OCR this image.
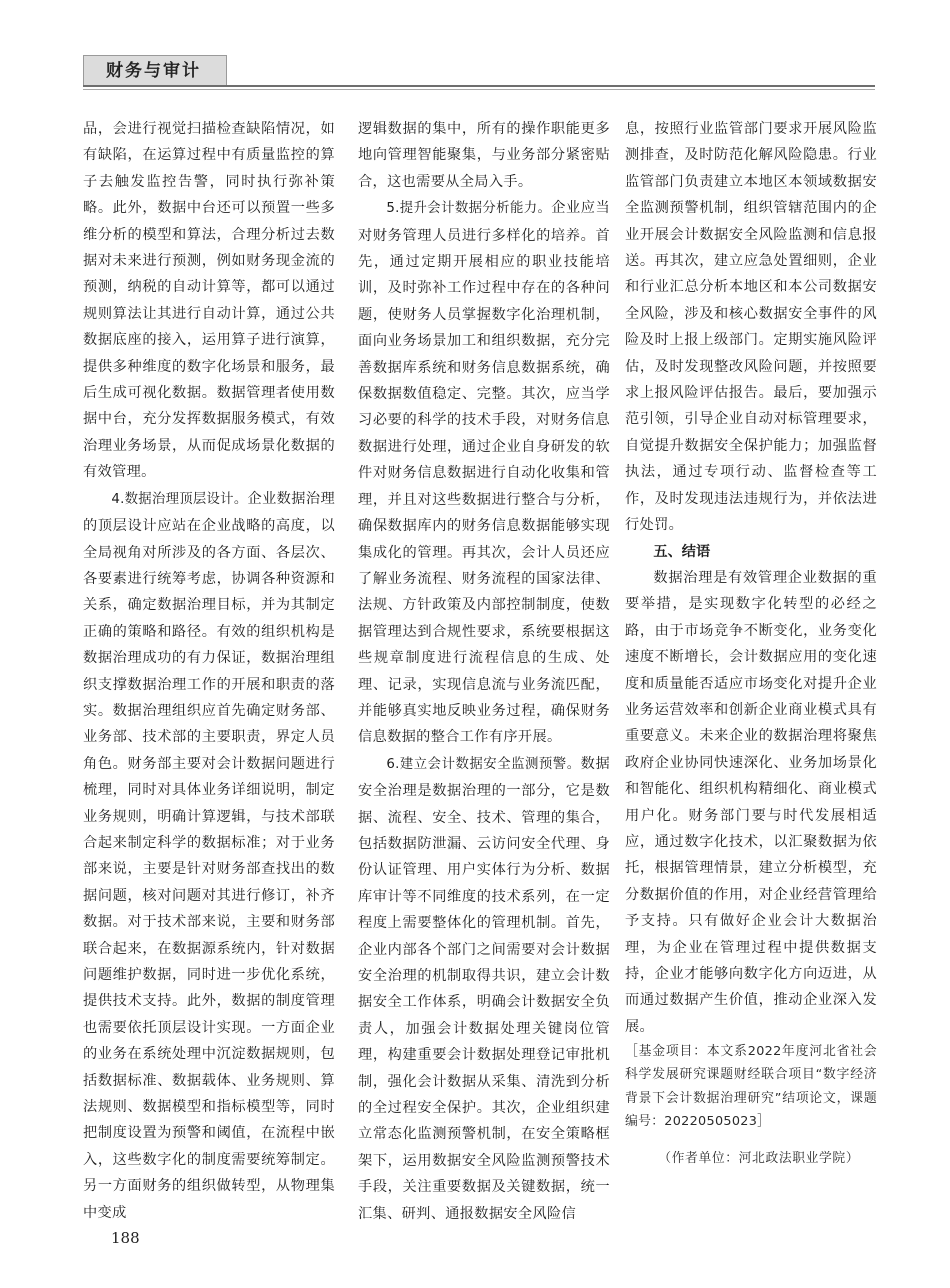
财务与审计

品，会进行视觉扫描检查缺陷情况，如有缺陷，在运算过程中有质量监控的算子去触发监控告警，同时执行弥补策略。此外，数据中台还可以预置一些多维分析的模型和算法，合理分析过去数据对未来进行预测，例如财务现金流的预测，纳税的自动计算等，都可以通过规则算法让其进行自动计算，通过公共数据底座的接入，运用算子进行演算，提供多种维度的数字化场景和服务，最后生成可视化数据。数据管理者使用数据中台，充分发挥数据服务模式，有效治理业务场景，从而促成场景化数据的有效管理。

4.数据治理顶层设计。企业数据治理的顶层设计应站在企业战略的高度，以全局视角对所涉及的各方面、各层次、各要素进行统筹考虑，协调各种资源和关系，确定数据治理目标，并为其制定正确的策略和路径。有效的组织机构是数据治理成功的有力保证，数据治理组织支撑数据治理工作的开展和职责的落实。数据治理组织应首先确定财务部、业务部、技术部的主要职责，界定人员角色。财务部主要对会计数据问题进行梳理，同时对具体业务详细说明，制定业务规则，明确计算逻辑，与技术部联合起来制定科学的数据标准；对于业务部来说，主要是针对财务部查找出的数据问题，核对问题对其进行修订，补齐数据。对于技术部来说，主要和财务部联合起来，在数据源系统内，针对数据问题维护数据，同时进一步优化系统，提供技术支持。此外，数据的制度管理也需要依托顶层设计实现。一方面企业的业务在系统处理中沉淀数据规则，包括数据标准、数据载体、业务规则、算法规则、数据模型和指标模型等，同时把制度设置为预警和阈值，在流程中嵌入，这些数字化的制度需要统筹制定。另一方面财务的组织做转型，从物理集中变成

逻辑数据的集中，所有的操作职能更多地向管理智能聚集，与业务部分紧密贴合，这也需要从全局入手。

5.提升会计数据分析能力。企业应当对财务管理人员进行多样化的培养。首先，通过定期开展相应的职业技能培训，及时弥补工作过程中存在的各种问题，使财务人员掌握数字化治理机制，面向业务场景加工和组织数据，充分完善数据库系统和财务信息数据系统，确保数据数值稳定、完整。其次，应当学习必要的科学的技术手段，对财务信息数据进行处理，通过企业自身研发的软件对财务信息数据进行自动化收集和管理，并且对这些数据进行整合与分析，确保数据库内的财务信息数据能够实现集成化的管理。再其次，会计人员还应了解业务流程、财务流程的国家法律、法规、方针政策及内部控制制度，使数据管理达到合规性要求，系统要根据这些规章制度进行流程信息的生成、处理、记录，实现信息流与业务流匹配，并能够真实地反映业务过程，确保财务信息数据的整合工作有序开展。

6.建立会计数据安全监测预警。数据安全治理是数据治理的一部分，它是数据、流程、安全、技术、管理的集合，包括数据防泄漏、云访问安全代理、身份认证管理、用户实体行为分析、数据库审计等不同维度的技术系列，在一定程度上需要整体化的管理机制。首先，企业内部各个部门之间需要对会计数据安全治理的机制取得共识，建立会计数据安全工作体系，明确会计数据安全负责人，加强会计数据处理关键岗位管理，构建重要会计数据处理登记审批机制，强化会计数据从采集、清洗到分析的全过程安全保护。其次，企业组织建立常态化监测预警机制，在安全策略框架下，运用数据安全风险监测预警技术手段，关注重要数据及关键数据，统一汇集、研判、通报数据安全风险信

息，按照行业监管部门要求开展风险监测排查，及时防范化解风险隐患。行业监管部门负责建立本地区本领域数据安全监测预警机制，组织管辖范围内的企业开展会计数据安全风险监测和信息报送。再其次，建立应急处置细则，企业和行业汇总分析本地区和本公司数据安全风险，涉及和核心数据安全事件的风险及时上报上级部门。定期实施风险评估，及时发现整改风险问题，并按照要求上报风险评估报告。最后，要加强示范引领，引导企业自动对标管理要求，自觉提升数据安全保护能力；加强监督执法，通过专项行动、监督检查等工作，及时发现违法违规行为，并依法进行处罚。

五、结语

数据治理是有效管理企业数据的重要举措，是实现数字化转型的必经之路，由于市场竞争不断变化，业务变化速度不断增长，会计数据应用的变化速度和质量能否适应市场变化对提升企业业务运营效率和创新企业商业模式具有重要意义。未来企业的数据治理将聚焦政府企业协同快速深化、业务加场景化和智能化、组织机构精细化、商业模式用户化。财务部门要与时代发展相适应，通过数字化技术，以汇聚数据为依托，根据管理情景，建立分析模型，充分数据价值的作用，对企业经营管理给予支持。只有做好企业会计大数据治理，为企业在管理过程中提供数据支持，企业才能够向数字化方向迈进，从而通过数据产生价值，推动企业深入发展。

［基金项目：本文系2022年度河北省社会科学发展研究课题财经联合项目“数字经济背景下会计数据治理研究”结项论文，课题编号：20220505023］

（作者单位：河北政法职业学院）

188
